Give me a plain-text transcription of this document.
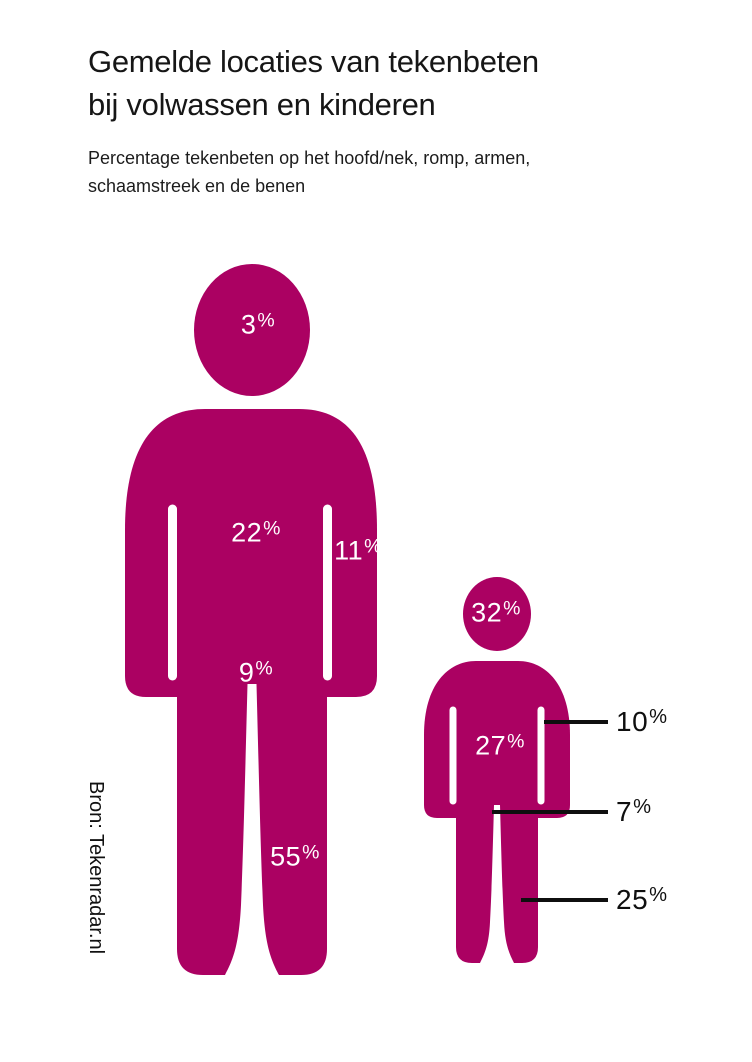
Gemelde locaties van tekenbeten
bij volwassen en kinderen
Percentage tekenbeten op het hoofd/nek, romp, armen,
schaamstreek en de benen
3%
22%
11%
9%
55%
32%
27%
10%
7%
25%
Bron: Tekenradar.nl
